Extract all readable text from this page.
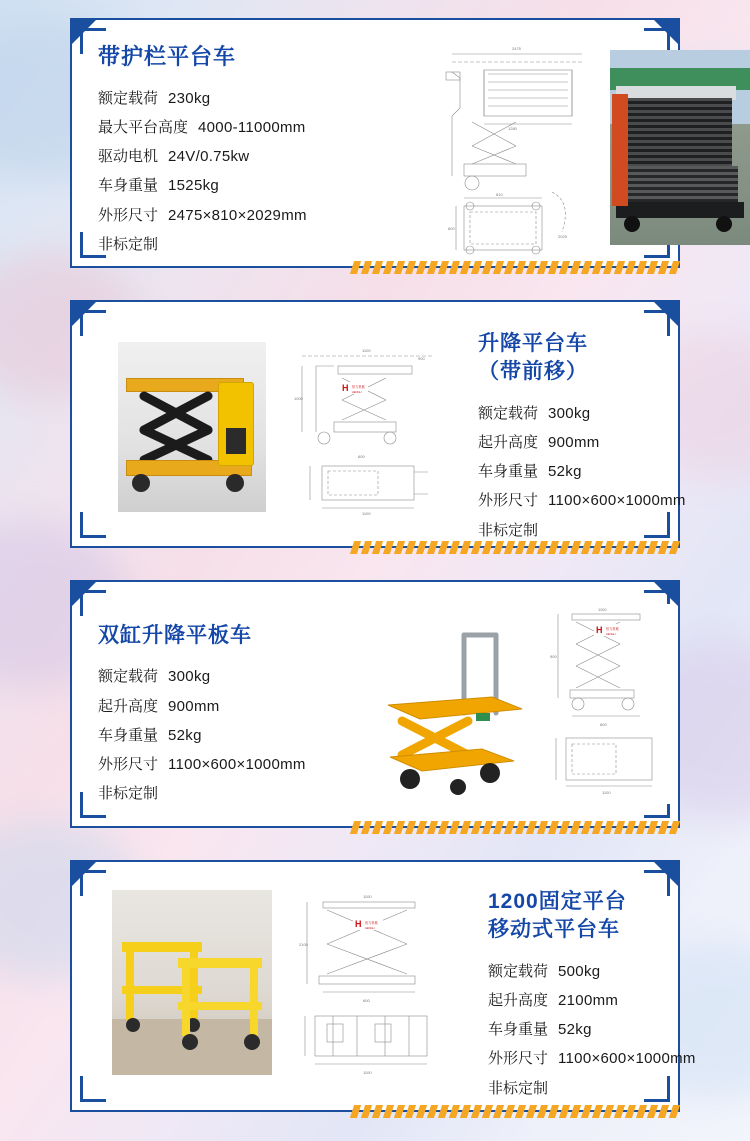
2475
1280
810
600
2029
带护栏平台车
额定载荷 230kg
最大平台高度 4000-11000mm
驱动电机 24V/0.75kw
车身重量 1525kg
外形尺寸 2475×810×2029mm
非标定制
1100
1000
600
1100
900
H 恒力机械
HENGLI
升降平台车
（带前移）
额定载荷 300kg
起升高度 900mm
车身重量 52kg
外形尺寸 1100×600×1000mm
非标定制
1100
900
600
1100
H 恒力机械
HENGLI
双缸升降平板车
额定载荷 300kg
起升高度 900mm
车身重量 52kg
外形尺寸 1100×600×1000mm
非标定制
1100
2100
600
1100
H 恒力机械
HENGLI
1200固定平台
移动式平台车
额定载荷 500kg
起升高度 2100mm
车身重量 52kg
外形尺寸 1100×600×1000mm
非标定制
